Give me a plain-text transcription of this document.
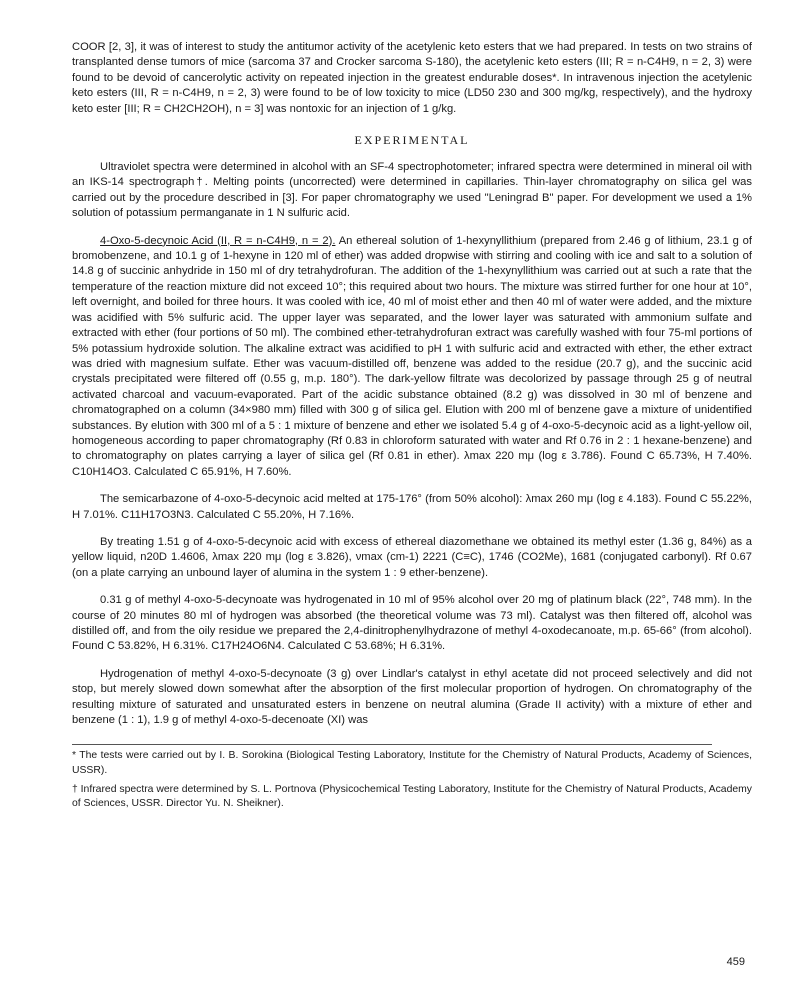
COOR [2, 3], it was of interest to study the antitumor activity of the acetylenic keto esters that we had prepared. In tests on two strains of transplanted dense tumors of mice (sarcoma 37 and Crocker sarcoma S-180), the acetylenic keto esters (III; R = n-C4H9, n = 2, 3) were found to be devoid of cancerolytic activity on repeated injection in the greatest endurable doses*. In intravenous injection the acetylenic keto esters (III, R = n-C4H9, n = 2, 3) were found to be of low toxicity to mice (LD50 230 and 300 mg/kg, respectively), and the hydroxy keto ester [III; R = CH2CH2OH), n = 3] was nontoxic for an injection of 1 g/kg.

EXPERIMENTAL

Ultraviolet spectra were determined in alcohol with an SF-4 spectrophotometer; infrared spectra were determined in mineral oil with an IKS-14 spectrograph†. Melting points (uncorrected) were determined in capillaries. Thin-layer chromatography on silica gel was carried out by the procedure described in [3]. For paper chromatography we used "Leningrad B" paper. For development we used a 1% solution of potassium permanganate in 1 N sulfuric acid.

4-Oxo-5-decynoic Acid (II, R = n-C4H9, n = 2). An ethereal solution of 1-hexynyllithium (prepared from 2.46 g of lithium, 23.1 g of bromobenzene, and 10.1 g of 1-hexyne in 120 ml of ether) was added dropwise with stirring and cooling with ice and salt to a solution of 14.8 g of succinic anhydride in 150 ml of dry tetrahydrofuran. The addition of the 1-hexynyllithium was carried out at such a rate that the temperature of the reaction mixture did not exceed 10°; this required about two hours. The mixture was stirred further for one hour at 10°, left overnight, and boiled for three hours. It was cooled with ice, 40 ml of moist ether and then 40 ml of water were added, and the mixture was acidified with 5% sulfuric acid. The upper layer was separated, and the lower layer was saturated with ammonium sulfate and extracted with ether (four portions of 50 ml). The combined ether-tetrahydrofuran extract was carefully washed with four 75-ml portions of 5% potassium hydroxide solution. The alkaline extract was acidified to pH 1 with sulfuric acid and extracted with ether, the ether extract was dried with magnesium sulfate. Ether was vacuum-distilled off, benzene was added to the residue (20.7 g), and the succinic acid crystals precipitated were filtered off (0.55 g, m.p. 180°). The dark-yellow filtrate was decolorized by passage through 25 g of neutral activated charcoal and vacuum-evaporated. Part of the acidic substance obtained (8.2 g) was dissolved in 30 ml of benzene and chromatographed on a column (34×980 mm) filled with 300 g of silica gel. Elution with 200 ml of benzene gave a mixture of unidentified substances. By elution with 300 ml of a 5 : 1 mixture of benzene and ether we isolated 5.4 g of 4-oxo-5-decynoic acid as a light-yellow oil, homogeneous according to paper chromatography (Rf 0.83 in chloroform saturated with water and Rf 0.76 in 2 : 1 hexane-benzene) and to chromatography on plates carrying a layer of silica gel (Rf 0.81 in ether). λmax 220 mμ (log ε 3.786). Found C 65.73%, H 7.40%. C10H14O3. Calculated C 65.91%, H 7.60%.

The semicarbazone of 4-oxo-5-decynoic acid melted at 175-176° (from 50% alcohol): λmax 260 mμ (log ε 4.183). Found C 55.22%, H 7.01%. C11H17O3N3. Calculated C 55.20%, H 7.16%.

By treating 1.51 g of 4-oxo-5-decynoic acid with excess of ethereal diazomethane we obtained its methyl ester (1.36 g, 84%) as a yellow liquid, n20D 1.4606, λmax 220 mμ (log ε 3.826), νmax (cm-1) 2221 (C≡C), 1746 (CO2Me), 1681 (conjugated carbonyl). Rf 0.67 (on a plate carrying an unbound layer of alumina in the system 1 : 9 ether-benzene).

0.31 g of methyl 4-oxo-5-decynoate was hydrogenated in 10 ml of 95% alcohol over 20 mg of platinum black (22°, 748 mm). In the course of 20 minutes 80 ml of hydrogen was absorbed (the theoretical volume was 73 ml). Catalyst was then filtered off, alcohol was distilled off, and from the oily residue we prepared the 2,4-dinitrophenylhydrazone of methyl 4-oxodecanoate, m.p. 65-66° (from alcohol). Found C 53.82%, H 6.31%. C17H24O6N4. Calculated C 53.68%; H 6.31%.

Hydrogenation of methyl 4-oxo-5-decynoate (3 g) over Lindlar's catalyst in ethyl acetate did not proceed selectively and did not stop, but merely slowed down somewhat after the absorption of the first molecular proportion of hydrogen. On chromatography of the resulting mixture of saturated and unsaturated esters in benzene on neutral alumina (Grade II activity) with a mixture of ether and benzene (1 : 1), 1.9 g of methyl 4-oxo-5-decenoate (XI) was

* The tests were carried out by I. B. Sorokina (Biological Testing Laboratory, Institute for the Chemistry of Natural Products, Academy of Sciences, USSR).

† Infrared spectra were determined by S. L. Portnova (Physicochemical Testing Laboratory, Institute for the Chemistry of Natural Products, Academy of Sciences, USSR. Director Yu. N. Sheikner).

459
